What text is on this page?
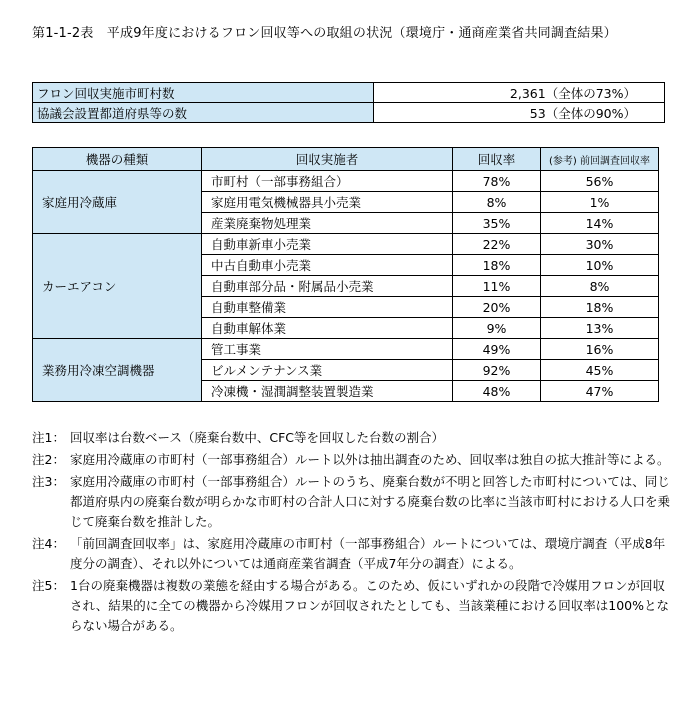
第1-1-2表　平成9年度におけるフロン回収等への取組の状況（環境庁・通商産業省共同調査結果）
フロン回収実施市町村数	2,361（全体の73%）
協議会設置都道府県等の数	53（全体の90%）
機器の種類	回収実施者	回収率	(参考) 前回調査回収率
家庭用冷蔵庫	市町村（一部事務組合）	78%	56%
	家庭用電気機械器具小売業	8%	1%
	産業廃棄物処理業	35%	14%
カーエアコン	自動車新車小売業	22%	30%
	中古自動車小売業	18%	10%
	自動車部分品・附属品小売業	11%	8%
	自動車整備業	20%	18%
	自動車解体業	9%	13%
業務用冷凍空調機器	管工事業	49%	16%
	ビルメンテナンス業	92%	45%
	冷凍機・湿潤調整装置製造業	48%	47%
注1： 回収率は台数ベース（廃棄台数中、CFC等を回収した台数の割合）
注2： 家庭用冷蔵庫の市町村（一部事務組合）ルート以外は抽出調査のため、回収率は独自の拡大推計等による。
注3： 家庭用冷蔵庫の市町村（一部事務組合）ルートのうち、廃棄台数が不明と回答した市町村については、同じ都道府県内の廃棄台数が明らかな市町村の合計人口に対する廃棄台数の比率に当該市町村における人口を乗じて廃棄台数を推計した。
注4： 「前回調査回収率」は、家庭用冷蔵庫の市町村（一部事務組合）ルートについては、環境庁調査（平成8年度分の調査）、それ以外については通商産業省調査（平成7年分の調査）による。
注5： 1台の廃棄機器は複数の業態を経由する場合がある。このため、仮にいずれかの段階で冷媒用フロンが回収され、結果的に全ての機器から冷媒用フロンが回収されたとしても、当該業種における回収率は100%とならない場合がある。
